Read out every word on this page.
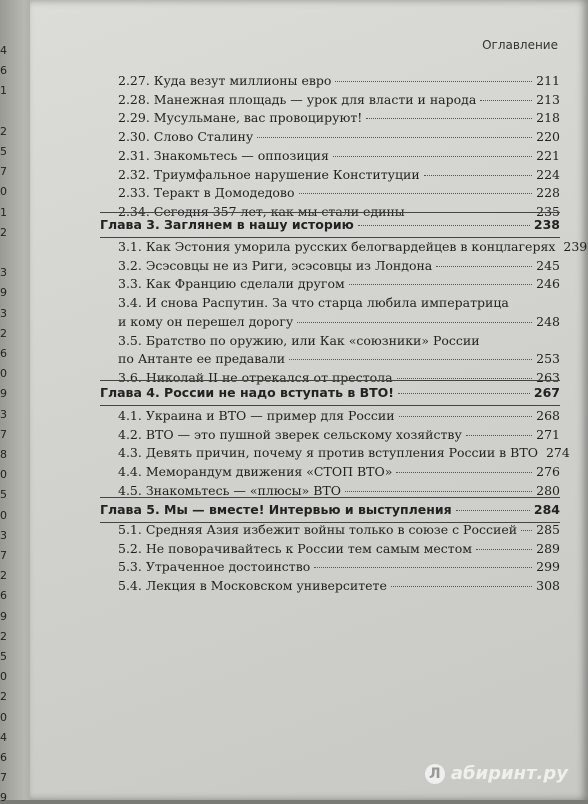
4
6
1
2
5
7
0
1
2
3
9
3
2
6
0
9
3
7
8
0
5
0
3
7
2
6
9
2
5
0
2
0
4
6
7
9
Оглавление
2.27. Куда везут миллионы евро	211
2.28. Манежная площадь — урок для власти и народа	213
2.29. Мусульмане, вас провоцируют!	218
2.30. Слово Сталину	220
2.31. Знакомьтесь — оппозиция	221
2.32. Триумфальное нарушение Конституции	224
2.33. Теракт в Домодедово	228
2.34. Сегодня 357 лет, как мы стали едины	235
Глава 3. Заглянем в нашу историю	238
3.1. Как Эстония уморила русских белогвардейцев в концлагерях 239
3.2. Эсэсовцы не из Риги, эсэсовцы из Лондона	245
3.3. Как Францию сделали другом	246
3.4. И снова Распутин. За что старца любила императрица
и кому он перешел дорогу	248
3.5. Братство по оружию, или Как «союзники» России
по Антанте ее предавали	253
3.6. Николай II не отрекался от престола	263
Глава 4. России не надо вступать в ВТО!	267
4.1. Украина и ВТО — пример для России	268
4.2. ВТО — это пушной зверек сельскому хозяйству	271
4.3. Девять причин, почему я против вступления России в ВТО 274
4.4. Меморандум движения «СТОП ВТО»	276
4.5. Знакомьтесь — «плюсы» ВТО	280
Глава 5. Мы — вместе! Интервью и выступления	284
5.1. Средняя Азия избежит войны только в союзе с Россией 285
5.2. Не поворачивайтесь к России тем самым местом	289
5.3. Утраченное достоинство	299
5.4. Лекция в Московском университете	308
Л абиринт.ру
